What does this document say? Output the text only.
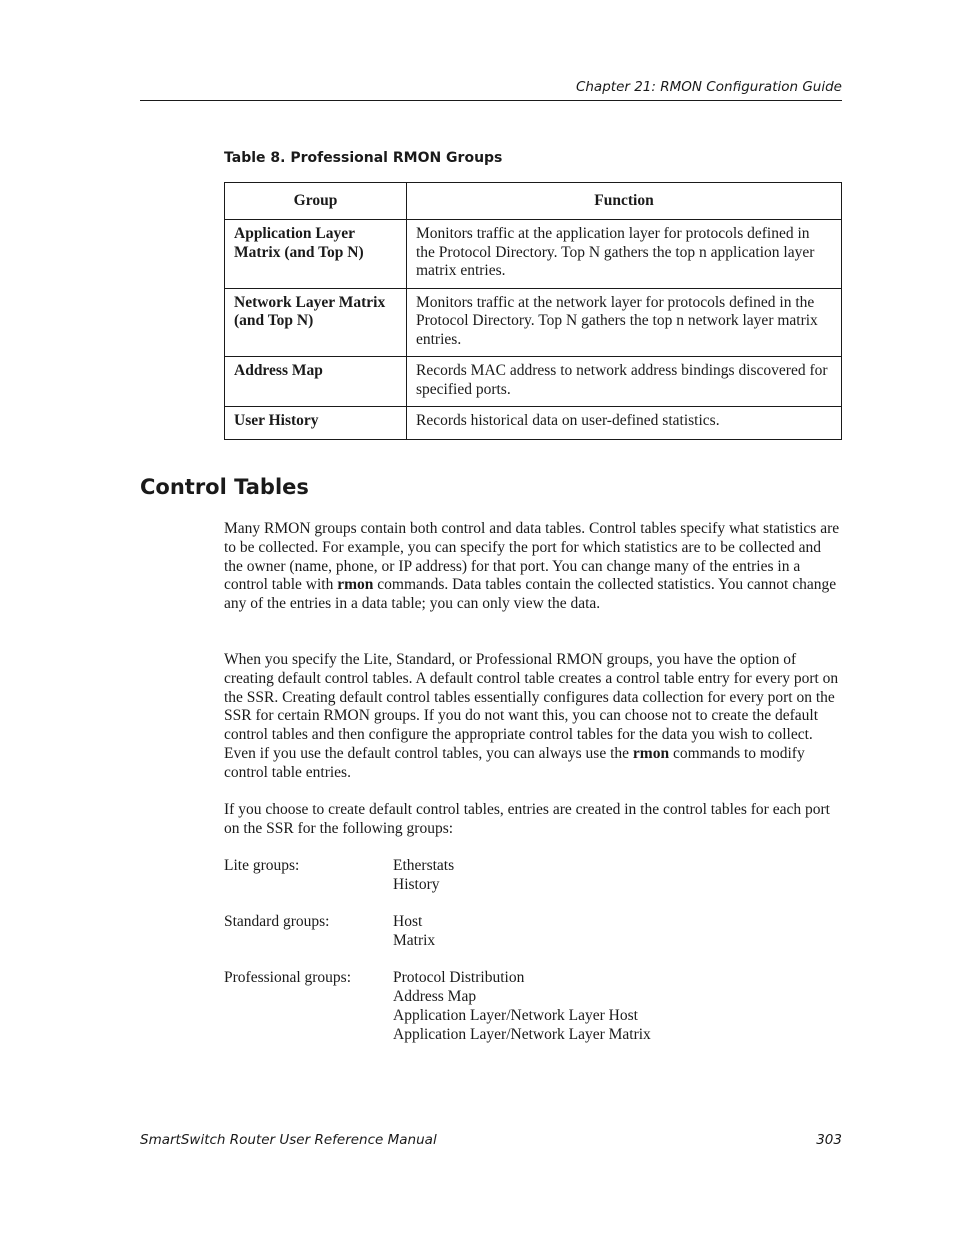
Chapter 21: RMON Configuration Guide
Table 8. Professional RMON Groups
Group	Function
Application Layer Matrix (and Top N)	Monitors traffic at the application layer for protocols defined in the Protocol Directory. Top N gathers the top n application layer matrix entries.
Network Layer Matrix (and Top N)	Monitors traffic at the network layer for protocols defined in the Protocol Directory. Top N gathers the top n network layer matrix entries.
Address Map	Records MAC address to network address bindings discovered for specified ports.
User History	Records historical data on user-defined statistics.
Control Tables

Many RMON groups contain both control and data tables. Control tables specify what statistics are to be collected. For example, you can specify the port for which statistics are to be collected and the owner (name, phone, or IP address) for that port. You can change many of the entries in a control table with rmon commands. Data tables contain the collected statistics. You cannot change any of the entries in a data table; you can only view the data.

When you specify the Lite, Standard, or Professional RMON groups, you have the option of creating default control tables. A default control table creates a control table entry for every port on the SSR. Creating default control tables essentially configures data collection for every port on the SSR for certain RMON groups. If you do not want this, you can choose not to create the default control tables and then configure the appropriate control tables for the data you wish to collect. Even if you use the default control tables, you can always use the rmon commands to modify control table entries.

If you choose to create default control tables, entries are created in the control tables for each port on the SSR for the following groups:

Lite groups:	Etherstats
History
Standard groups:	Host
Matrix
Professional groups:	Protocol Distribution
Address Map
Application Layer/Network Layer Host
Application Layer/Network Layer Matrix
SmartSwitch Router User Reference Manual	303
